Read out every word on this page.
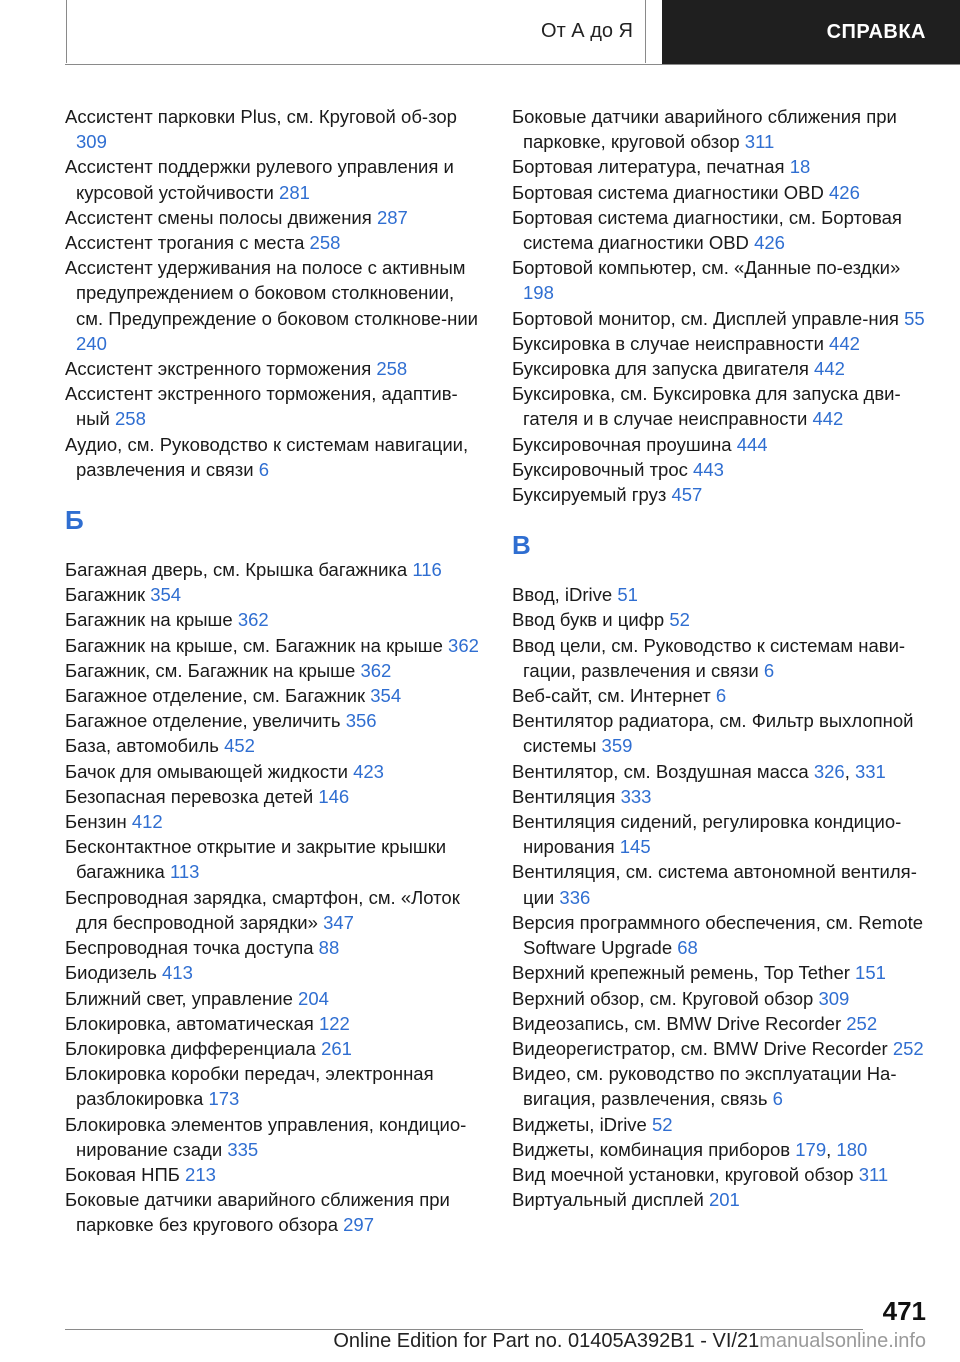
От А до Я	СПРАВКА
Ассистент парковки Plus, см. Круговой об-зор 309
Ассистент поддержки рулевого управления и курсовой устойчивости 281
Ассистент смены полосы движения 287
Ассистент трогания с места 258
Ассистент удерживания на полосе с активным предупреждением о боковом столкновении, см. Предупреждение о боковом столкнове-нии 240
Ассистент экстренного торможения 258
Ассистент экстренного торможения, адаптив-ный 258
Аудио, см. Руководство к системам навигации, развлечения и связи 6
Б
Багажная дверь, см. Крышка багажника 116
Багажник 354
Багажник на крыше 362
Багажник на крыше, см. Багажник на крыше 362
Багажник, см. Багажник на крыше 362
Багажное отделение, см. Багажник 354
Багажное отделение, увеличить 356
База, автомобиль 452
Бачок для омывающей жидкости 423
Безопасная перевозка детей 146
Бензин 412
Бесконтактное открытие и закрытие крышки багажника 113
Беспроводная зарядка, смартфон, см. «Лоток для беспроводной зарядки» 347
Беспроводная точка доступа 88
Биодизель 413
Ближний свет, управление 204
Блокировка, автоматическая 122
Блокировка дифференциала 261
Блокировка коробки передач, электронная разблокировка 173
Блокировка элементов управления, кондицио-нирование сзади 335
Боковая НПБ 213
Боковые датчики аварийного сближения при парковке без кругового обзора 297
Боковые датчики аварийного сближения при парковке, круговой обзор 311
Бортовая литература, печатная 18
Бортовая система диагностики OBD 426
Бортовая система диагностики, см. Бортовая система диагностики OBD 426
Бортовой компьютер, см. «Данные по-ездки» 198
Бортовой монитор, см. Дисплей управле-ния 55
Буксировка в случае неисправности 442
Буксировка для запуска двигателя 442
Буксировка, см. Буксировка для запуска дви-гателя и в случае неисправности 442
Буксировочная проушина 444
Буксировочный трос 443
Буксируемый груз 457
В
Ввод, iDrive 51
Ввод букв и цифр 52
Ввод цели, см. Руководство к системам нави-гации, развлечения и связи 6
Веб-сайт, см. Интернет 6
Вентилятор радиатора, см. Фильтр выхлопной системы 359
Вентилятор, см. Воздушная масса 326, 331
Вентиляция 333
Вентиляция сидений, регулировка кондицио-нирования 145
Вентиляция, см. система автономной вентиля-ции 336
Версия программного обеспечения, см. Remote Software Upgrade 68
Верхний крепежный ремень, Top Tether 151
Верхний обзор, см. Круговой обзор 309
Видеозапись, см. BMW Drive Recorder 252
Видеорегистратор, см. BMW Drive Recorder 252
Видео, см. руководство по эксплуатации На-вигация, развлечения, связь 6
Виджеты, iDrive 52
Виджеты, комбинация приборов 179, 180
Вид моечной установки, круговой обзор 311
Виртуальный дисплей 201
471
Online Edition for Part no. 01405A392B1 - VI/21manualsonline.info
